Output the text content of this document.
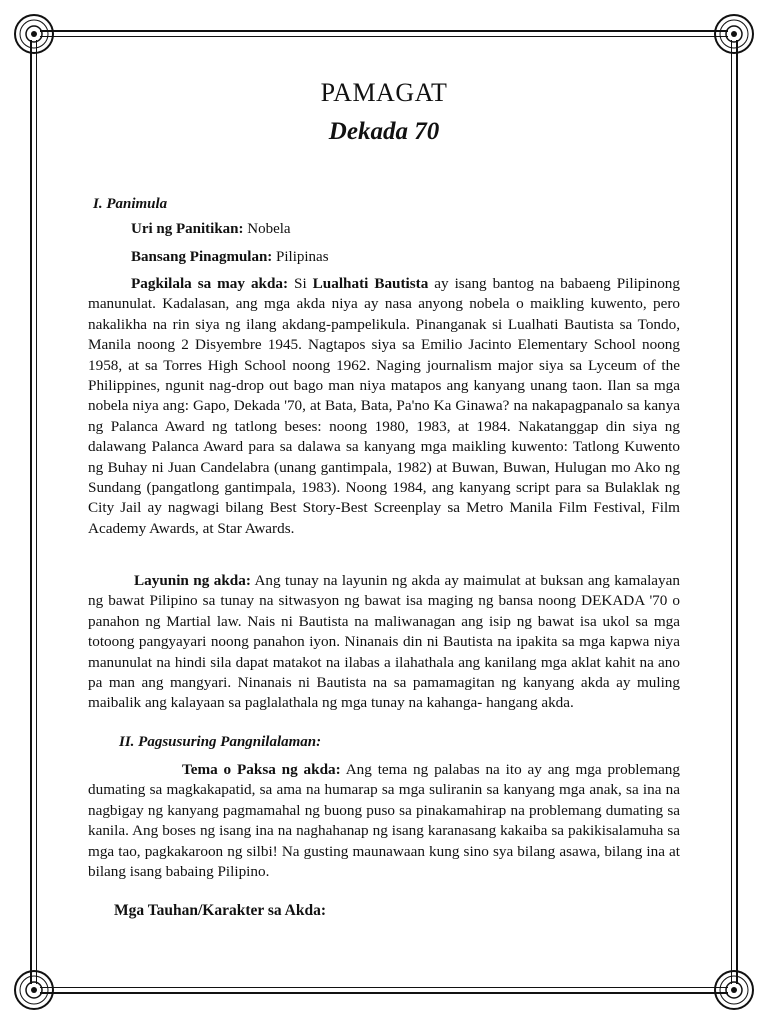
PAMAGAT
Dekada 70
I. Panimula
Uri ng Panitikan: Nobela
Bansang Pinagmulan: Pilipinas
Pagkilala sa may akda: Si Lualhati Bautista ay isang bantog na babaeng Pilipinong manunulat. Kadalasan, ang mga akda niya ay nasa anyong nobela o maikling kuwento, pero nakalikha na rin siya ng ilang akdang-pampelikula. Pinanganak si Lualhati Bautista sa Tondo, Manila noong 2 Disyembre 1945. Nagtapos siya sa Emilio Jacinto Elementary School noong 1958, at sa Torres High School noong 1962. Naging journalism major siya sa Lyceum of the Philippines, ngunit nag-drop out bago man niya matapos ang kanyang unang taon. Ilan sa mga nobela niya ang: Gapo, Dekada '70, at Bata, Bata, Pa'no Ka Ginawa? na nakapagpanalo sa kanya ng Palanca Award ng tatlong beses: noong 1980, 1983, at 1984. Nakatanggap din siya ng dalawang Palanca Award para sa dalawa sa kanyang mga maikling kuwento: Tatlong Kuwento ng Buhay ni Juan Candelabra (unang gantimpala, 1982) at Buwan, Buwan, Hulugan mo Ako ng Sundang (pangatlong gantimpala, 1983). Noong 1984, ang kanyang script para sa Bulaklak ng City Jail ay nagwagi bilang Best Story-Best Screenplay sa Metro Manila Film Festival, Film Academy Awards, at Star Awards.
Layunin ng akda: Ang tunay na layunin ng akda ay maimulat at buksan ang kamalayan ng bawat Pilipino sa tunay na sitwasyon ng bawat isa maging ng bansa noong DEKADA '70 o panahon ng Martial law. Nais ni Bautista na maliwanagan ang isip ng bawat isa ukol sa mga totoong pangyayari noong panahon iyon. Ninanais din ni Bautista na ipakita sa mga kapwa niya manunulat na hindi sila dapat matakot na ilabas a ilahathala ang kanilang mga aklat kahit na ano pa man ang mangyari. Ninanais ni Bautista na sa pamamagitan ng kanyang akda ay muling maibalik ang kalayaan sa paglalathala ng mga tunay na kahanga- hangang akda.
II. Pagsusuring Pangnilalaman:
Tema o Paksa ng akda: Ang tema ng palabas na ito ay ang mga problemang dumating sa magkakapatid, sa ama na humarap sa mga suliranin sa kanyang mga anak, sa ina na nagbigay ng kanyang pagmamahal ng buong puso sa pinakamahirap na problemang dumating sa kanila. Ang boses ng isang ina na naghahanap ng isang karanasang kakaiba sa pakikisalamuha sa mga tao, pagkakaroon ng silbi! Na gusting maunawaan kung sino sya bilang asawa, bilang ina at bilang isang babaing Pilipino.
Mga Tauhan/Karakter sa Akda:
